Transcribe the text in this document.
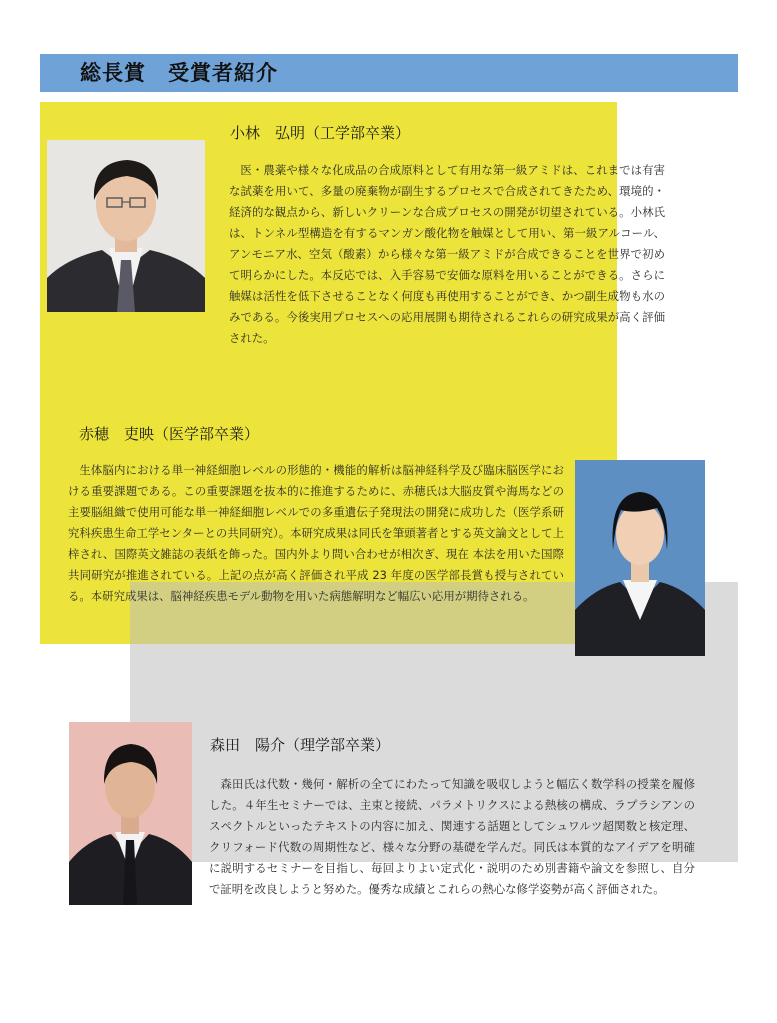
総長賞　受賞者紹介
小林　弘明（工学部卒業）
医・農薬や様々な化成品の合成原料として有用な第一級アミドは、これまでは有害な試薬を用いて、多量の廃棄物が副生するプロセスで合成されてきたため、環境的・経済的な観点から、新しいクリーンな合成プロセスの開発が切望されている。小林氏は、トンネル型構造を有するマンガン酸化物を触媒として用い、第一級アルコール、アンモニア水、空気（酸素）から様々な第一級アミドが合成できることを世界で初めて明らかにした。本反応では、入手容易で安価な原料を用いることができる。さらに触媒は活性を低下させることなく何度も再使用することができ、かつ副生成物も水のみである。今後実用プロセスへの応用展開も期待されるこれらの研究成果が高く評価された。
赤穂　吏映（医学部卒業）
生体脳内における単一神経細胞レベルの形態的・機能的解析は脳神経科学及び臨床脳医学における重要課題である。この重要課題を抜本的に推進するために、赤穂氏は大脳皮質や海馬などの主要脳組織で使用可能な単一神経細胞レベルでの多重遺伝子発現法の開発に成功した（医学系研究科疾患生命工学センターとの共同研究）。本研究成果は同氏を筆頭著者とする英文論文として上梓され、国際英文雑誌の表紙を飾った。国内外より問い合わせが相次ぎ、現在 本法を用いた国際共同研究が推進されている。上記の点が高く評価され平成 23 年度の医学部長賞も授与されている。本研究成果は、脳神経疾患モデル動物を用いた病態解明など幅広い応用が期待される。
森田　陽介（理学部卒業）
森田氏は代数・幾何・解析の全てにわたって知識を吸収しようと幅広く数学科の授業を履修した。４年生セミナーでは、主束と接続、パラメトリクスによる熱核の構成、ラプラシアンのスペクトルといったテキストの内容に加え、関連する話題としてシュワルツ超関数と核定理、クリフォード代数の周期性など、様々な分野の基礎を学んだ。同氏は本質的なアイデアを明確に説明するセミナーを目指し、毎回よりよい定式化・説明のため別書籍や論文を参照し、自分で証明を改良しようと努めた。優秀な成績とこれらの熱心な修学姿勢が高く評価された。
